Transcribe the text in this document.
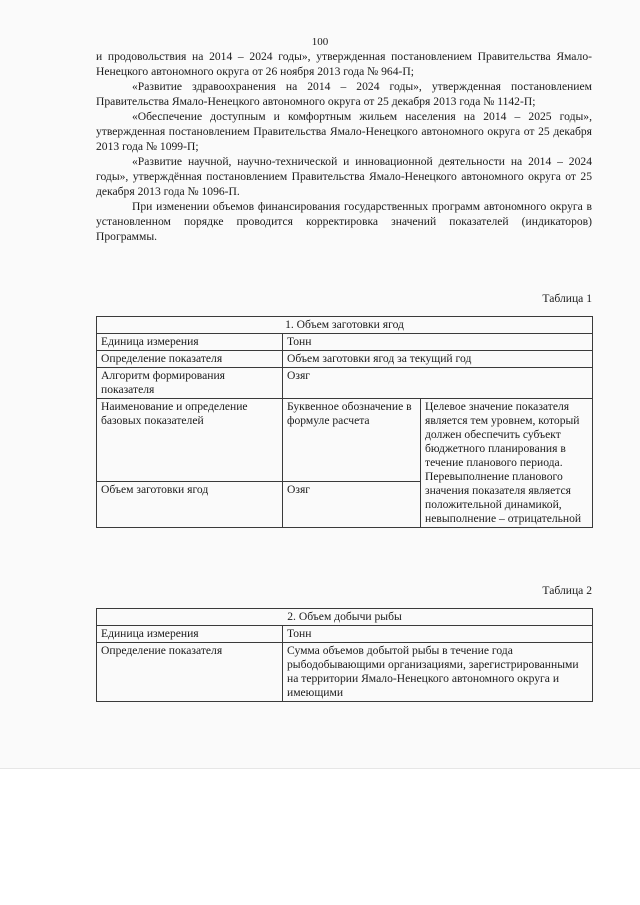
100

и продовольствия на 2014 – 2024 годы», утвержденная постановлением Правительства Ямало-Ненецкого автономного округа от 26 ноября 2013 года № 964-П;

«Развитие здравоохранения на 2014 – 2024 годы», утвержденная постановлением Правительства Ямало-Ненецкого автономного округа от 25 декабря 2013 года № 1142-П;

«Обеспечение доступным и комфортным жильем населения на 2014 – 2025 годы», утвержденная постановлением Правительства Ямало-Ненецкого автономного округа от 25 декабря 2013 года № 1099-П;

«Развитие научной, научно-технической и инновационной деятельности на 2014 – 2024 годы», утверждённая постановлением Правительства Ямало-Ненецкого автономного округа от 25 декабря 2013 года № 1096-П.

При изменении объемов финансирования государственных программ автономного округа в установленном порядке проводится корректировка значений показателей (индикаторов) Программы.

Таблица 1
1. Объем заготовки ягод		
Единица измерения	Тонн	
Определение показателя	Объем заготовки ягод за текущий год	
Алгоритм формирования показателя	Озяг	
Наименование и определение базовых показателей	Буквенное обозначение в формуле расчета	Целевое значение показателя является тем уровнем, который должен обеспечить субъект бюджетного планирования в течение планового периода. Перевыполнение планового значения показателя является положительной динамикой, невыполнение – отрицательной
Объем заготовки ягод	Озяг	
Таблица 2
2. Объем добычи рыбы	
Единица измерения	Тонн
Определение показателя	Сумма объемов добытой рыбы в течение года рыбодобывающими организациями, зарегистрированными на территории Ямало-Ненецкого автономного округа и имеющими
